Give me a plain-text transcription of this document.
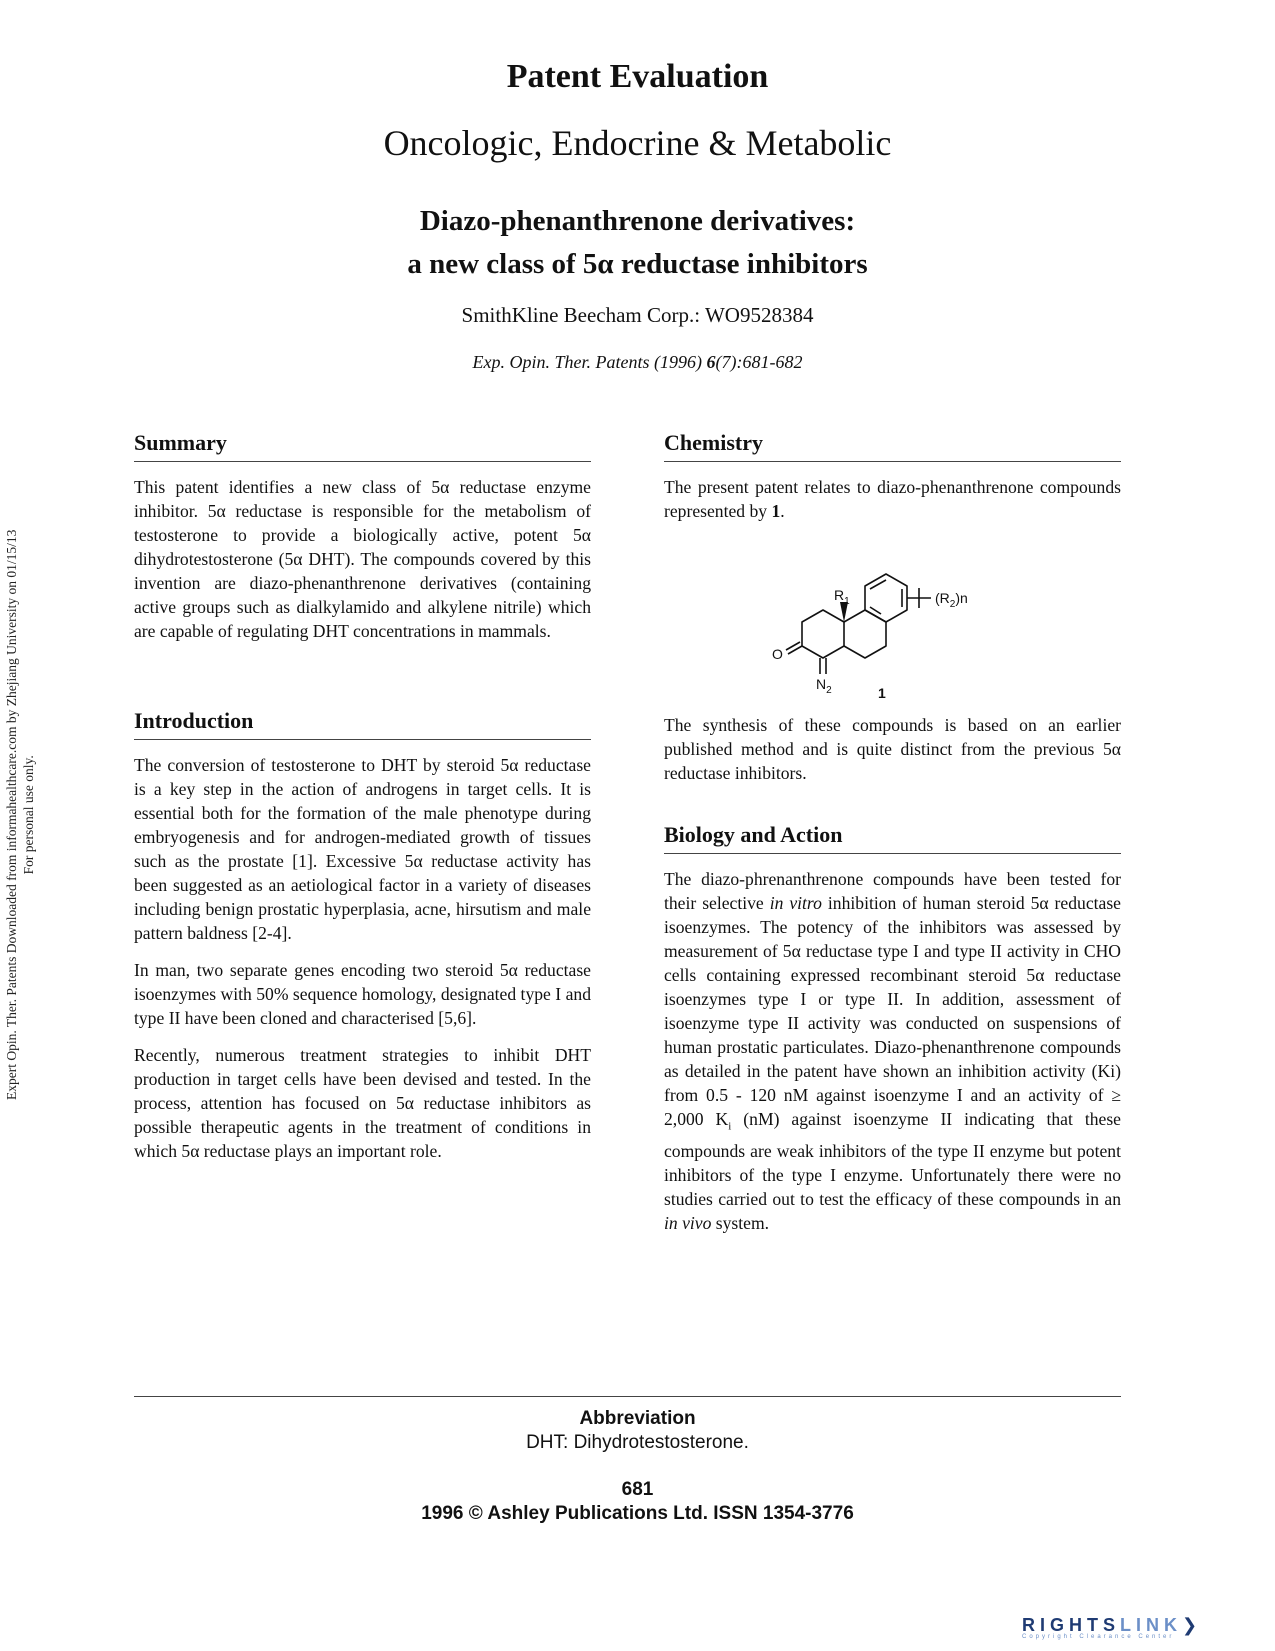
Patent Evaluation
Oncologic, Endocrine & Metabolic
Diazo-phenanthrenone derivatives:
a new class of 5α reductase inhibitors
SmithKline Beecham Corp.: WO9528384
Exp. Opin. Ther. Patents (1996) 6(7):681-682
Expert Opin. Ther. Patents Downloaded from informahealthcare.com by Zhejiang University on 01/15/13 For personal use only.
Summary

This patent identifies a new class of 5α reductase enzyme inhibitor. 5α reductase is responsible for the metabolism of testosterone to provide a biologically active, potent 5α dihydrotestosterone (5α DHT). The compounds covered by this invention are diazo-phenanthrenone derivatives (containing active groups such as dialkylamido and alkylene nitrile) which are capable of regulating DHT concentrations in mammals.

Introduction

The conversion of testosterone to DHT by steroid 5α reductase is a key step in the action of androgens in target cells. It is essential both for the formation of the male phenotype during embryogenesis and for androgen-mediated growth of tissues such as the prostate [1]. Excessive 5α reductase activity has been suggested as an aetiological factor in a variety of diseases including benign prostatic hyperplasia, acne, hirsutism and male pattern baldness [2-4].

In man, two separate genes encoding two steroid 5α reductase isoenzymes with 50% sequence homology, designated type I and type II have been cloned and characterised [5,6].

Recently, numerous treatment strategies to inhibit DHT production in target cells have been devised and tested. In the process, attention has focused on 5α reductase inhibitors as possible therapeutic agents in the treatment of conditions in which 5α reductase plays an important role.

Chemistry

The present patent relates to diazo-phenanthrenone compounds represented by 1.

$R_1$	$(R_2)n$
O
$N_2$	1

The synthesis of these compounds is based on an earlier published method and is quite distinct from the previous 5α reductase inhibitors.

Biology and Action

The diazo-phrenanthrenone compounds have been tested for their selective in vitro inhibition of human steroid 5α reductase isoenzymes. The potency of the inhibitors was assessed by measurement of 5α reductase type I and type II activity in CHO cells containing expressed recombinant steroid 5α reductase isoenzymes type I or type II. In addition, assessment of isoenzyme type II activity was conducted on suspensions of human prostatic particulates. Diazo-phenanthrenone compounds as detailed in the patent have shown an inhibition activity (Ki) from 0.5 - 120 nM against isoenzyme I and an activity of ≥ 2,000 $K_i$ (nM) against isoenzyme II indicating that these compounds are weak inhibitors of the type II enzyme but potent inhibitors of the type I enzyme. Unfortunately there were no studies carried out to test the efficacy of these compounds in an in vivo system.

Abbreviation
DHT: Dihydrotestosterone.
681
1996 © Ashley Publications Ltd. ISSN 1354-3776
RIGHTSLINK❯
Copyright Clearance Center
